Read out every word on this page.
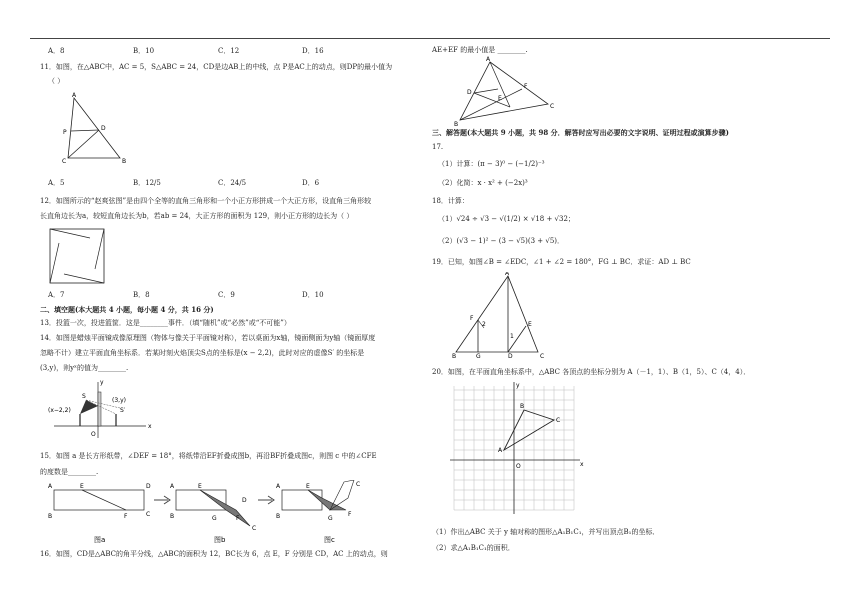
A．8	B．10	C．12	D．16
11．如图，在△ABC中，AC = 5，S△ABC = 24，CD是边AB上的中线，点 P是AC上的动点，则DP的最小值为
（ ）
A
B
C
D
P
A．5	B．12/5	C．24/5	D．6
12．如图所示的“赵爽弦图”是由四个全等的直角三角形和一个小正方形拼成一个大正方形，设直角三角形较
长直角边长为a，较短直角边长为b，若ab = 24，大正方形的面积为 129，则小正方形的边长为（ ）
A．7	B．8	C．9	D．10
二、填空题(本大题共 4 小题，每小题 4 分，共 16 分)
13．投篮一次，投进篮筐．这是________事件．（填“随机”或“必然”或“不可能”）
14．如图是蜡烛平面镜成像原理图（物体与像关于平面镜对称），若以桌面为x轴，镜面侧面为y轴（镜面厚度
忽略不计）建立平面直角坐标系．若某时刻火焰顶尖S点的坐标是(x − 2,2)，此时对应的虚像S′ 的坐标是
(3,y)，则yˣ的值为________.
(x−2,2)
(3,y)
S
S′
O
x
y
15．如图 a 是长方形纸带，∠DEF = 18°，将纸带沿EF折叠成图b，再沿BF折叠成图c，则图 c 中的∠CFE
的度数是________.
A
B
E
F
D
C
图a
A
B
E
G	F
C
D
图b
A
B
E
G
F
C
图c
16．如图，CD是△ABC的角平分线，△ABC的面积为 12，BC长为 6，点 E，F 分别是 CD，AC 上的动点，则
AE+EF 的最小值是 ________.
A
B
C
D
E
F
三、解答题(本大题共 9 小题，共 98 分．解答时应写出必要的文字说明、证明过程或演算步骤)
17.
（1）计算：(π − 3)⁰ − (−1/2)⁻³
（2）化简：x · x² + (−2x)³
18．计算：
（1）√24 ÷ √3 − √(1/2) × √18 + √32；
（2）(√3 − 1)² − (3 − √5)(3 + √5)．
19．已知，如图∠B = ∠EDC，∠1 + ∠2 = 180°，FG ⊥ BC．求证：AD ⊥ BC
A
B	C
D
E
F
G
1
2
20．如图，在平面直角坐标系中，△ABC 各顶点的坐标分别为 A（－1，1）、B（1，5）、C（4，4）．
A
B
C
O	x
y
（1）作出△ABC 关于 y 轴对称的图形△A₁B₁C₁，并写出顶点B₁的坐标．
（2）求△A₁B₁C₁的面积．
